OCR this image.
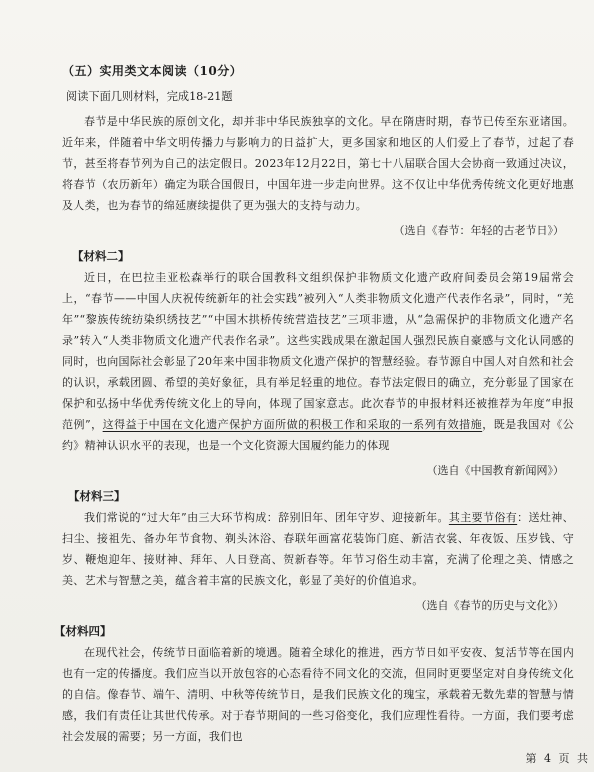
（五）实用类文本阅读（10分）
阅读下面几则材料，完成18-21题

春节是中华民族的原创文化，却并非中华民族独享的文化。早在隋唐时期，春节已传至东亚诸国。近年来，伴随着中华文明传播力与影响力的日益扩大，更多国家和地区的人们爱上了春节，过起了春节，甚至将春节列为自己的法定假日。2023年12月22日，第七十八届联合国大会协商一致通过决议，将春节（农历新年）确定为联合国假日，中国年进一步走向世界。这不仅让中华优秀传统文化更好地惠及人类，也为春节的绵延赓续提供了更为强大的支持与动力。

（选自《春节：年轻的古老节日》）
【材料二】

近日，在巴拉圭亚松森举行的联合国教科文组织保护非物质文化遗产政府间委员会第19届常会上，“春节——中国人庆祝传统新年的社会实践”被列入“人类非物质文化遗产代表作名录”，同时，“羌年”“黎族传统纺染织绣技艺”“中国木拱桥传统营造技艺”三项非遗，从“急需保护的非物质文化遗产名录”转入“人类非物质文化遗产代表作名录”。这些实践成果在激起国人强烈民族自豪感与文化认同感的同时，也向国际社会彰显了20年来中国非物质文化遗产保护的智慧经验。春节源自中国人对自然和社会的认识，承载团圆、希望的美好象征，具有举足轻重的地位。春节法定假日的确立，充分彰显了国家在保护和弘扬中华优秀传统文化上的导向，体现了国家意志。此次春节的申报材料还被推荐为年度“申报范例”，这得益于中国在文化遗产保护方面所做的积极工作和采取的一系列有效措施，既是我国对《公约》精神认识水平的表现，也是一个文化资源大国履约能力的体现

（选自《中国教育新闻网》）
【材料三】

我们常说的“过大年”由三大环节构成：辞别旧年、团年守岁、迎接新年。其主要节俗有：送灶神、扫尘、接祖先、备办年节食物、剃头沐浴、春联年画富花装饰门庭、新洁衣裳、年夜饭、压岁钱、守岁、鞭炮迎年、接财神、拜年、人日登高、贺新春等。年节习俗生动丰富，充满了伦理之美、情感之美、艺术与智慧之美，蕴含着丰富的民族文化，彰显了美好的价值追求。

（选自《春节的历史与文化》）
【材料四】

在现代社会，传统节日面临着新的境遇。随着全球化的推进，西方节日如平安夜、复活节等在国内也有一定的传播度。我们应当以开放包容的心态看待不同文化的交流，但同时更要坚定对自身传统文化的自信。像春节、端午、清明、中秋等传统节日，是我们民族文化的瑰宝，承载着无数先辈的智慧与情感，我们有责任让其世代传承。对于春节期间的一些习俗变化，我们应理性看待。一方面，我们要考虑社会发展的需要；另一方面，我们也

第 4 页 共
